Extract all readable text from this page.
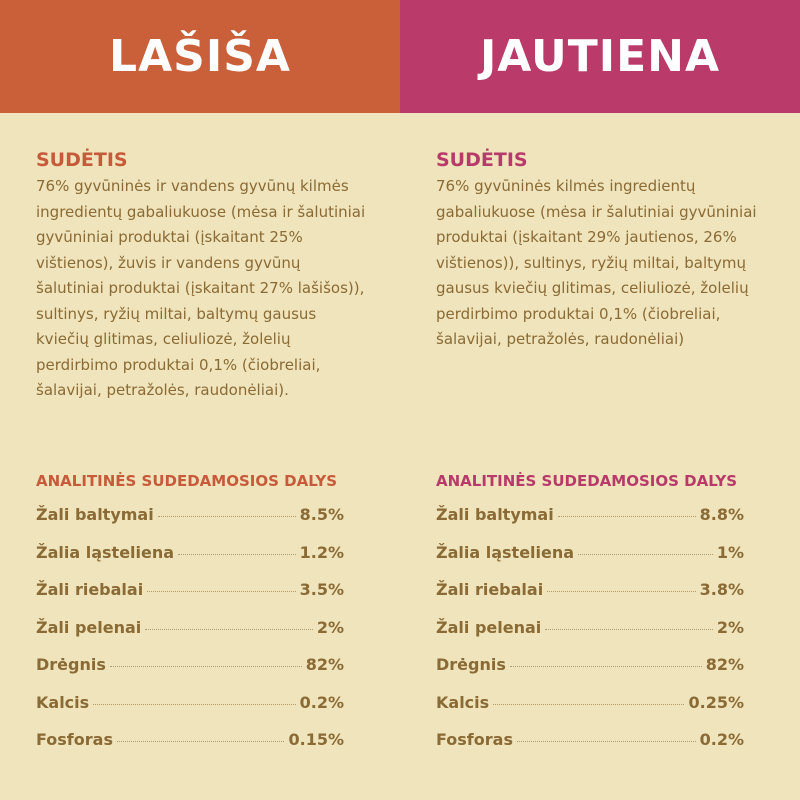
LAŠIŠA	JAUTIENA
SUDĖTIS

76% gyvūninės ir vandens gyvūnų kilmės ingredientų gabaliukuose (mėsa ir šalutiniai gyvūniniai produktai (įskaitant 25% vištienos), žuvis ir vandens gyvūnų šalutiniai produktai (įskaitant 27% lašišos)), sultinys, ryžių miltai, baltymų gausus kviečių glitimas, celiuliozė, žolelių perdirbimo produktai 0,1% (čiobreliai, šalavijai, petražolės, raudonėliai).

ANALITINĖS SUDEDAMOSIOS DALYS
Žali baltymai	8.5%
Žalia ląsteliena	1.2%
Žali riebalai	3.5%
Žali pelenai	2%
Drėgnis	82%
Kalcis	0.2%
Fosforas	0.15%
SUDĖTIS

76% gyvūninės kilmės ingredientų gabaliukuose (mėsa ir šalutiniai gyvūniniai produktai (įskaitant 29% jautienos, 26% vištienos)), sultinys, ryžių miltai, baltymų gausus kviečių glitimas, celiuliozė, žolelių perdirbimo produktai 0,1% (čiobreliai, šalavijai, petražolės, raudonėliai)

ANALITINĖS SUDEDAMOSIOS DALYS
Žali baltymai	8.8%
Žalia ląsteliena	1%
Žali riebalai	3.8%
Žali pelenai	2%
Drėgnis	82%
Kalcis	0.25%
Fosforas	0.2%
